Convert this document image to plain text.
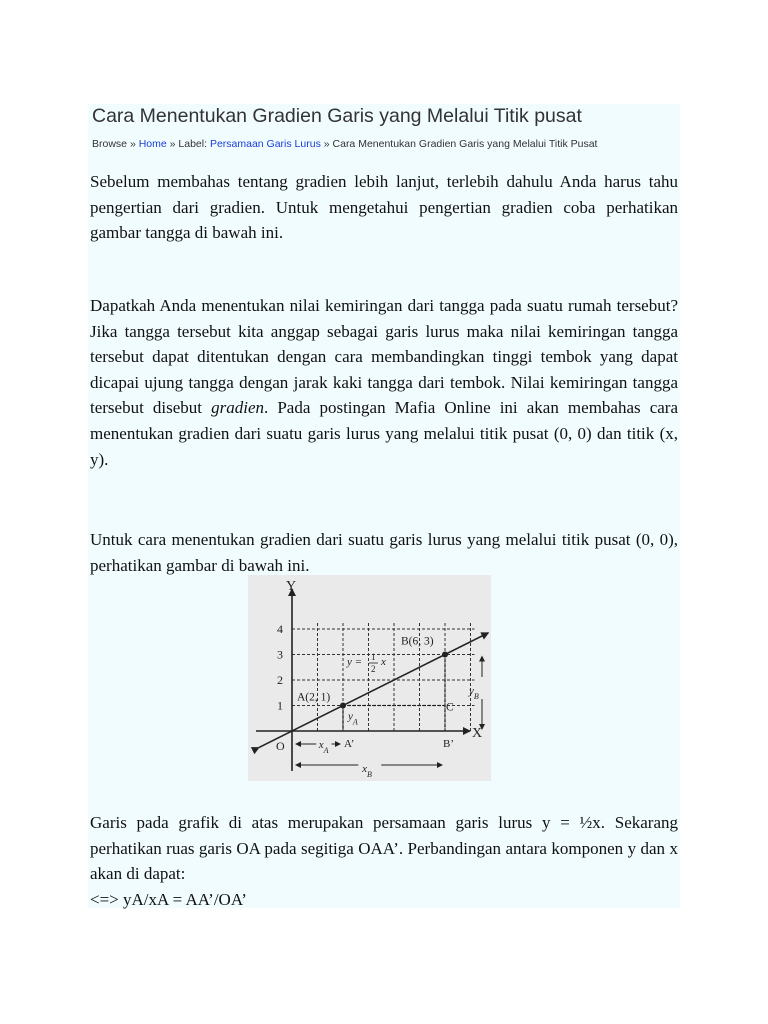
Cara Menentukan Gradien Garis yang Melalui Titik pusat
Browse » Home » Label: Persamaan Garis Lurus » Cara Menentukan Gradien Garis yang Melalui Titik Pusat

Sebelum membahas tentang gradien lebih lanjut, terlebih dahulu Anda harus tahu pengertian dari gradien. Untuk mengetahui pengertian gradien coba perhatikan gambar tangga di bawah ini.

Dapatkah Anda menentukan nilai kemiringan dari tangga pada suatu rumah tersebut? Jika tangga tersebut kita anggap sebagai garis lurus maka nilai kemiringan tangga tersebut dapat ditentukan dengan cara membandingkan tinggi tembok yang dapat dicapai ujung tangga dengan jarak kaki tangga dari tembok. Nilai kemiringan tangga tersebut disebut gradien. Pada postingan Mafia Online ini akan membahas cara menentukan gradien dari suatu garis lurus yang melalui titik pusat (0, 0) dan titik (x, y).

Untuk cara menentukan gradien dari suatu garis lurus yang melalui titik pusat (0, 0), perhatikan gambar di bawah ini.

Y
X
O
1
2
3
4
A(2, 1)
B(6, 3)
C
A’	B’
$y_A$
$x_A$
$x_B$
$y_B$
y = 1
2
x

Garis pada grafik di atas merupakan persamaan garis lurus y = ½x. Sekarang perhatikan ruas garis OA pada segitiga OAA’. Perbandingan antara komponen y dan x akan di dapat:
<=> yA/xA = AA’/OA’
